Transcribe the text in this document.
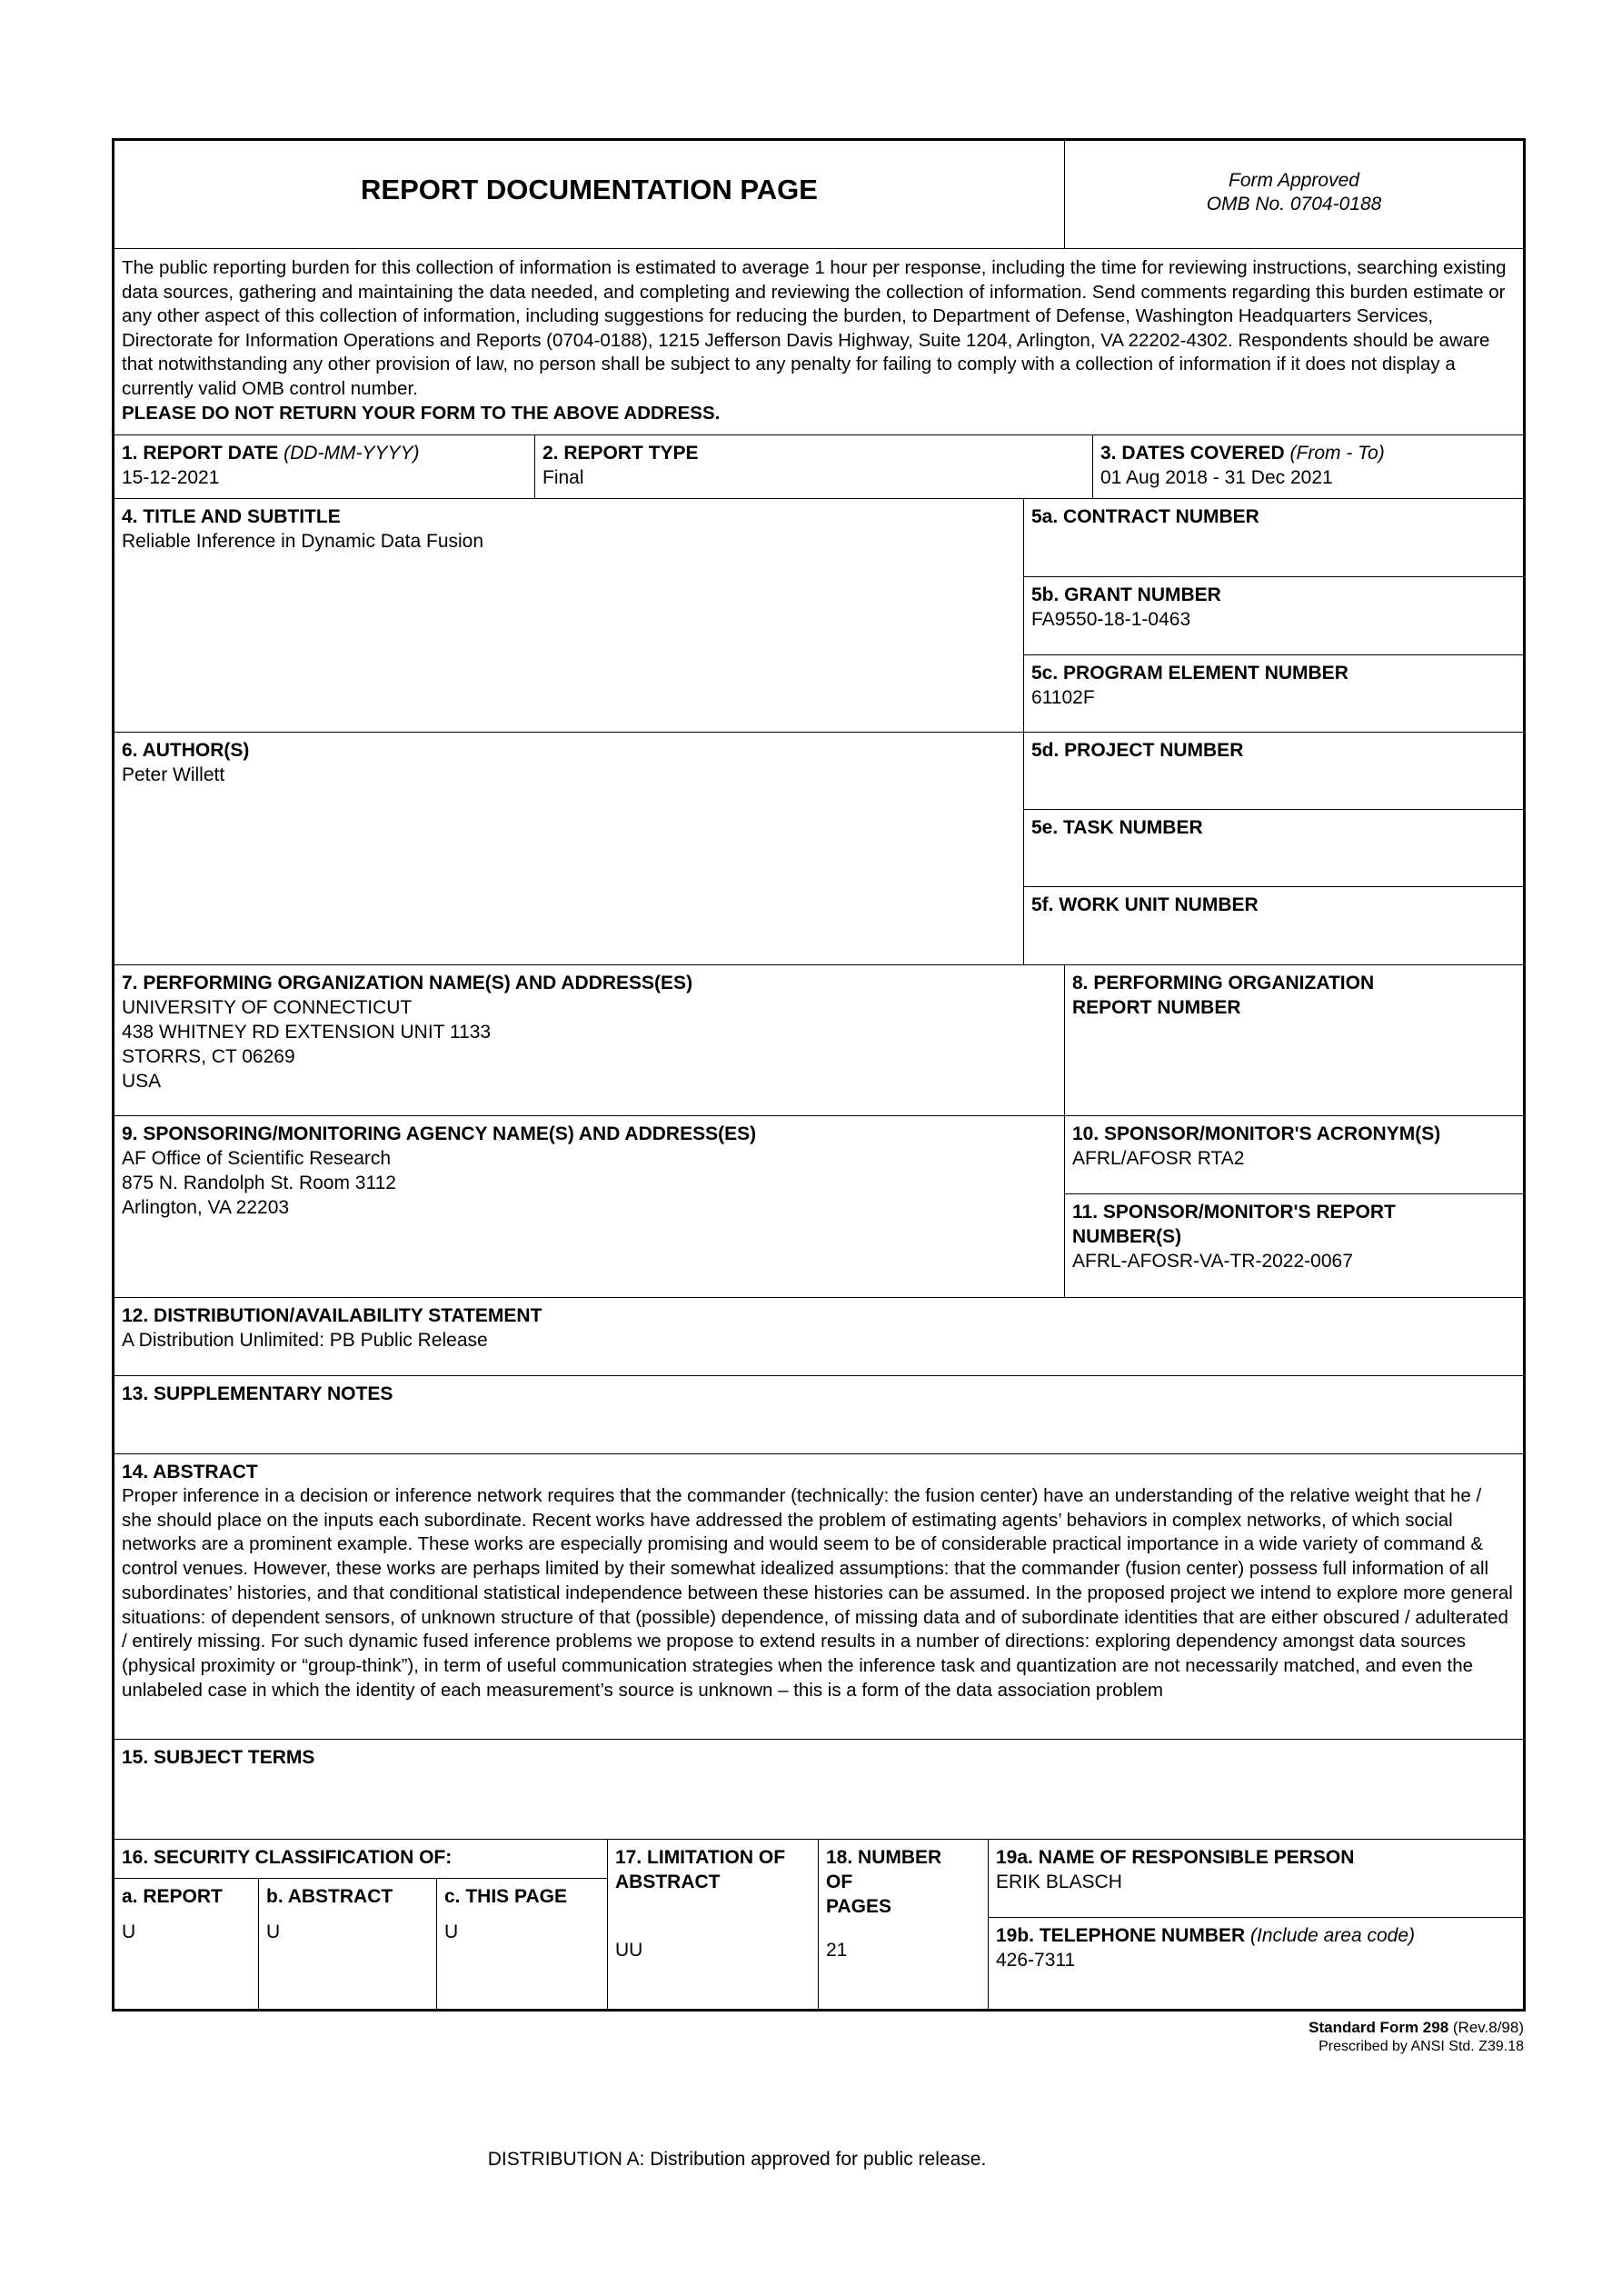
REPORT DOCUMENTATION PAGE	Form Approved
OMB No. 0704-0188
The public reporting burden for this collection of information is estimated to average 1 hour per response, including the time for reviewing instructions, searching existing data sources, gathering and maintaining the data needed, and completing and reviewing the collection of information. Send comments regarding this burden estimate or any other aspect of this collection of information, including suggestions for reducing the burden, to Department of Defense, Washington Headquarters Services, Directorate for Information Operations and Reports (0704-0188), 1215 Jefferson Davis Highway, Suite 1204, Arlington, VA 22202-4302. Respondents should be aware that notwithstanding any other provision of law, no person shall be subject to any penalty for failing to comply with a collection of information if it does not display a currently valid OMB control number.
PLEASE DO NOT RETURN YOUR FORM TO THE ABOVE ADDRESS.
1. REPORT DATE (DD-MM-YYYY)
15-12-2021
2. REPORT TYPE
Final
3. DATES COVERED (From - To)
01 Aug 2018 - 31 Dec 2021
4. TITLE AND SUBTITLE
Reliable Inference in Dynamic Data Fusion
5a. CONTRACT NUMBER
5b. GRANT NUMBER
FA9550-18-1-0463
5c. PROGRAM ELEMENT NUMBER
61102F
6. AUTHOR(S)
Peter Willett
5d. PROJECT NUMBER
5e. TASK NUMBER
5f. WORK UNIT NUMBER
7. PERFORMING ORGANIZATION NAME(S) AND ADDRESS(ES)
UNIVERSITY OF CONNECTICUT
438 WHITNEY RD EXTENSION UNIT 1133
STORRS, CT 06269
USA
8. PERFORMING ORGANIZATION
REPORT NUMBER
9. SPONSORING/MONITORING AGENCY NAME(S) AND ADDRESS(ES)
AF Office of Scientific Research
875 N. Randolph St. Room 3112
Arlington, VA 22203
10. SPONSOR/MONITOR'S ACRONYM(S)
AFRL/AFOSR RTA2
11. SPONSOR/MONITOR'S REPORT
NUMBER(S)
AFRL-AFOSR-VA-TR-2022-0067
12. DISTRIBUTION/AVAILABILITY STATEMENT
A Distribution Unlimited: PB Public Release
13. SUPPLEMENTARY NOTES
14. ABSTRACT
Proper inference in a decision or inference network requires that the commander (technically: the fusion center) have an understanding of the relative weight that he / she should place on the inputs each subordinate. Recent works have addressed the problem of estimating agents’ behaviors in complex networks, of which social networks are a prominent example. These works are especially promising and would seem to be of considerable practical importance in a wide variety of command & control venues. However, these works are perhaps limited by their somewhat idealized assumptions: that the commander (fusion center) possess full information of all subordinates’ histories, and that conditional statistical independence between these histories can be assumed. In the proposed project we intend to explore more general situations: of dependent sensors, of unknown structure of that (possible) dependence, of missing data and of subordinate identities that are either obscured / adulterated / entirely missing. For such dynamic fused inference problems we propose to extend results in a number of directions: exploring dependency amongst data sources (physical proximity or “group-think”), in term of useful communication strategies when the inference task and quantization are not necessarily matched, and even the unlabeled case in which the identity of each measurement’s source is unknown – this is a form of the data association problem
15. SUBJECT TERMS
16. SECURITY CLASSIFICATION OF:
a. REPORT
U
b. ABSTRACT
U
c. THIS PAGE
U
17. LIMITATION OF
ABSTRACT
UU
18. NUMBER
OF
PAGES
21
19a. NAME OF RESPONSIBLE PERSON
ERIK BLASCH
19b. TELEPHONE NUMBER (Include area code)
426-7311
Standard Form 298 (Rev.8/98)
Prescribed by ANSI Std. Z39.18
DISTRIBUTION A: Distribution approved for public release.
